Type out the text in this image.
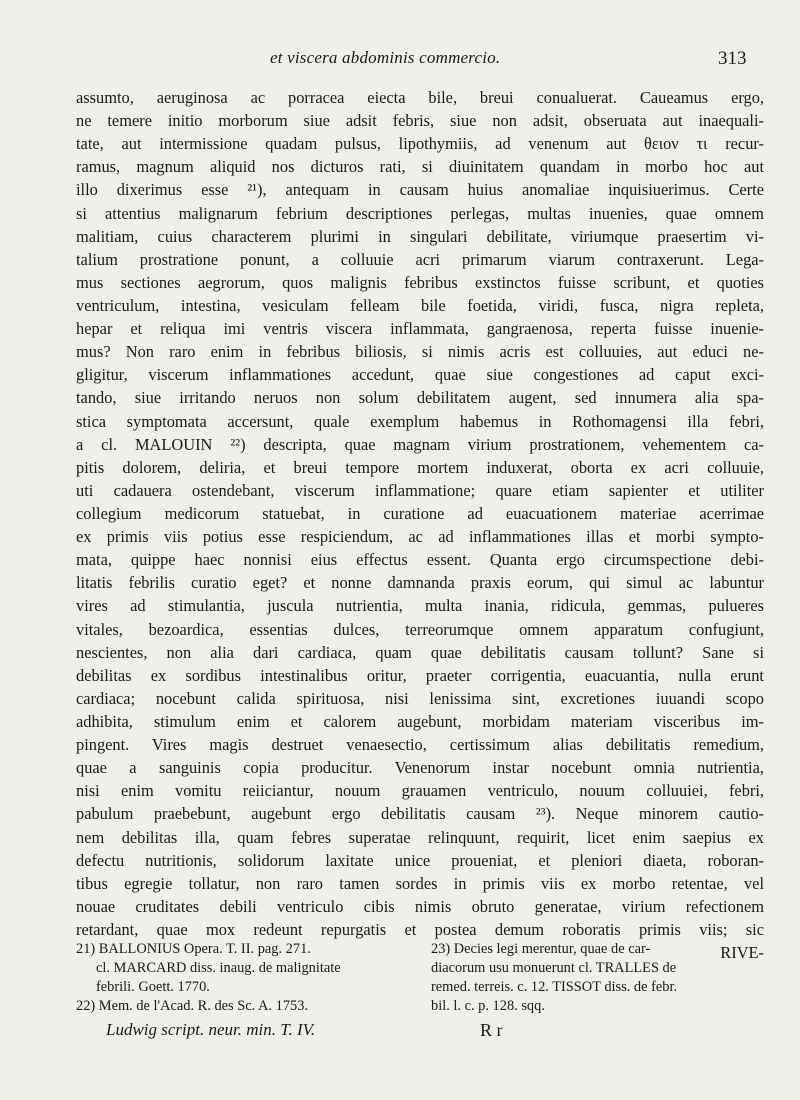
et viscera abdominis commercio.	313
assumto, aeruginosa ac porracea eiecta bile, breui conualuerat. Caueamus ergo,
ne temere initio morborum siue adsit febris, siue non adsit, obseruata aut inaequali-
tate, aut intermissione quadam pulsus, lipothymiis, ad venenum aut θειον τι recur-
ramus, magnum aliquid nos dicturos rati, si diuinitatem quandam in morbo hoc aut
illo dixerimus esse ²¹), antequam in causam huius anomaliae inquisiuerimus. Certe
si attentius malignarum febrium descriptiones perlegas, multas inuenies, quae omnem
malitiam, cuius characterem plurimi in singulari debilitate, viriumque praesertim vi-
talium prostratione ponunt, a colluuie acri primarum viarum contraxerunt. Lega-
mus sectiones aegrorum, quos malignis febribus exstinctos fuisse scribunt, et quoties
ventriculum, intestina, vesiculam felleam bile foetida, viridi, fusca, nigra repleta,
hepar et reliqua imi ventris viscera inflammata, gangraenosa, reperta fuisse inuenie-
mus? Non raro enim in febribus biliosis, si nimis acris est colluuies, aut educi ne-
gligitur, viscerum inflammationes accedunt, quae siue congestiones ad caput exci-
tando, siue irritando neruos non solum debilitatem augent, sed innumera alia spa-
stica symptomata accersunt, quale exemplum habemus in Rothomagensi illa febri,
a cl. MALOUIN ²²) descripta, quae magnam virium prostrationem, vehementem ca-
pitis dolorem, deliria, et breui tempore mortem induxerat, oborta ex acri colluuie,
uti cadauera ostendebant, viscerum inflammatione; quare etiam sapienter et utiliter
collegium medicorum statuebat, in curatione ad euacuationem materiae acerrimae
ex primis viis potius esse respiciendum, ac ad inflammationes illas et morbi sympto-
mata, quippe haec nonnisi eius effectus essent. Quanta ergo circumspectione debi-
litatis febrilis curatio eget? et nonne damnanda praxis eorum, qui simul ac labuntur
vires ad stimulantia, juscula nutrientia, multa inania, ridicula, gemmas, pulueres
vitales, bezoardica, essentias dulces, terreorumque omnem apparatum confugiunt,
nescientes, non alia dari cardiaca, quam quae debilitatis causam tollunt? Sane si
debilitas ex sordibus intestinalibus oritur, praeter corrigentia, euacuantia, nulla erunt
cardiaca; nocebunt calida spirituosa, nisi lenissima sint, excretiones iuuandi scopo
adhibita, stimulum enim et calorem augebunt, morbidam materiam visceribus im-
pingent. Vires magis destruet venaesectio, certissimum alias debilitatis remedium,
quae a sanguinis copia producitur. Venenorum instar nocebunt omnia nutrientia,
nisi enim vomitu reiiciantur, nouum grauamen ventriculo, nouum colluuiei, febri,
pabulum praebebunt, augebunt ergo debilitatis causam ²³). Neque minorem cautio-
nem debilitas illa, quam febres superatae relinquunt, requirit, licet enim saepius ex
defectu nutritionis, solidorum laxitate unice proueniat, et pleniori diaeta, roboran-
tibus egregie tollatur, non raro tamen sordes in primis viis ex morbo retentae, vel
nouae cruditates debili ventriculo cibis nimis obruto generatae, virium refectionem
retardant, quae mox redeunt repurgatis et postea demum roboratis primis viis; sic
RIVE-
21) BALLONIUS Opera. T. II. pag. 271.
cl. MARCARD diss. inaug. de malignitate
febrili. Goett. 1770.
22) Mem. de l'Acad. R. des Sc. A. 1753.
23) Decies legi merentur, quae de car-
diacorum usu monuerunt cl. TRALLES de
remed. terreis. c. 12. TISSOT diss. de febr.
bil. l. c. p. 128. sqq.
Ludwig script. neur. min. T. IV.	R r
